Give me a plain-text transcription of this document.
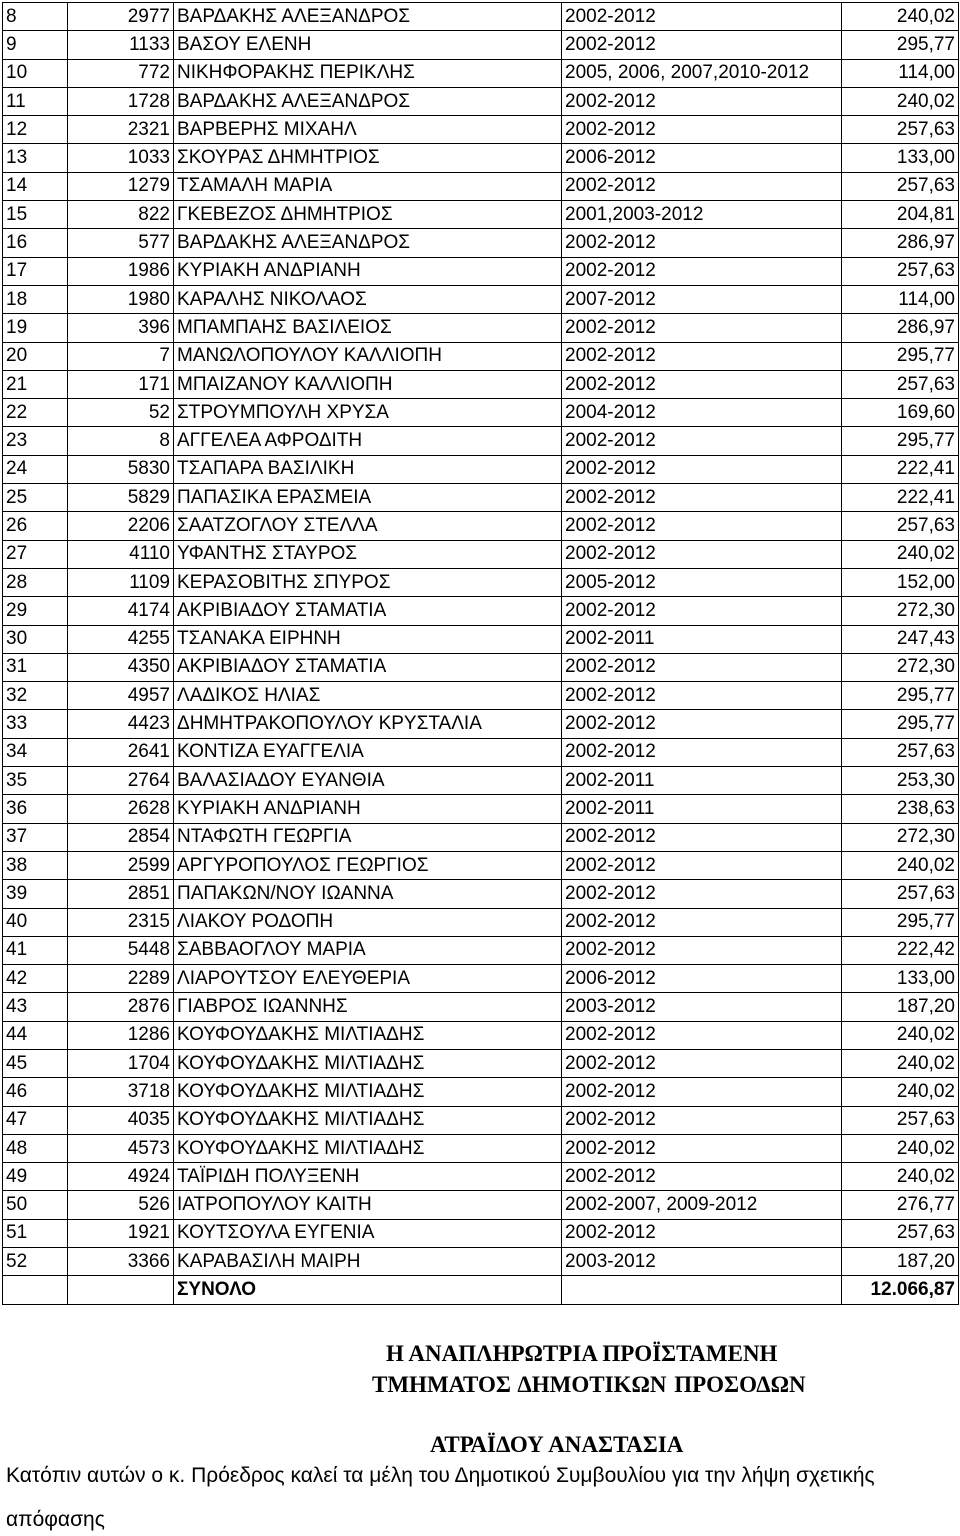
8	2977	ΒΑΡΔΑΚΗΣ ΑΛΕΞΑΝΔΡΟΣ	2002-2012	240,02
9	1133	ΒΑΣΟΥ ΕΛΕΝΗ	2002-2012	295,77
10	772	ΝΙΚΗΦΟΡΑΚΗΣ ΠΕΡΙΚΛΗΣ	2005, 2006, 2007,2010-2012	114,00
11	1728	ΒΑΡΔΑΚΗΣ ΑΛΕΞΑΝΔΡΟΣ	2002-2012	240,02
12	2321	ΒΑΡΒΕΡΗΣ ΜΙΧΑΗΛ	2002-2012	257,63
13	1033	ΣΚΟΥΡΑΣ ΔΗΜΗΤΡΙΟΣ	2006-2012	133,00
14	1279	ΤΣΑΜΑΛΗ ΜΑΡΙΑ	2002-2012	257,63
15	822	ΓΚΕΒΕΖΟΣ ΔΗΜΗΤΡΙΟΣ	2001,2003-2012	204,81
16	577	ΒΑΡΔΑΚΗΣ ΑΛΕΞΑΝΔΡΟΣ	2002-2012	286,97
17	1986	ΚΥΡΙΑΚΗ ΑΝΔΡΙΑΝΗ	2002-2012	257,63
18	1980	ΚΑΡΑΛΗΣ ΝΙΚΟΛΑΟΣ	2007-2012	114,00
19	396	ΜΠΑΜΠΑΗΣ ΒΑΣΙΛΕΙΟΣ	2002-2012	286,97
20	7	ΜΑΝΩΛΟΠΟΥΛΟΥ ΚΑΛΛΙΟΠΗ	2002-2012	295,77
21	171	ΜΠΑΙΖΑΝΟΥ ΚΑΛΛΙΟΠΗ	2002-2012	257,63
22	52	ΣΤΡΟΥΜΠΟΥΛΗ ΧΡΥΣΑ	2004-2012	169,60
23	8	ΑΓΓΕΛΕΑ ΑΦΡΟΔΙΤΗ	2002-2012	295,77
24	5830	ΤΣΑΠΑΡΑ ΒΑΣΙΛΙΚΗ	2002-2012	222,41
25	5829	ΠΑΠΑΣΙΚΑ ΕΡΑΣΜΕΙΑ	2002-2012	222,41
26	2206	ΣΑΑΤΖΟΓΛΟΥ ΣΤΕΛΛΑ	2002-2012	257,63
27	4110	ΥΦΑΝΤΗΣ ΣΤΑΥΡΟΣ	2002-2012	240,02
28	1109	ΚΕΡΑΣΟΒΙΤΗΣ ΣΠΥΡΟΣ	2005-2012	152,00
29	4174	ΑΚΡΙΒΙΑΔΟΥ ΣΤΑΜΑΤΙΑ	2002-2012	272,30
30	4255	ΤΣΑΝΑΚΑ ΕΙΡΗΝΗ	2002-2011	247,43
31	4350	ΑΚΡΙΒΙΑΔΟΥ ΣΤΑΜΑΤΙΑ	2002-2012	272,30
32	4957	ΛΑΔΙΚΟΣ ΗΛΙΑΣ	2002-2012	295,77
33	4423	ΔΗΜΗΤΡΑΚΟΠΟΥΛΟΥ ΚΡΥΣΤΑΛΙΑ	2002-2012	295,77
34	2641	ΚΟΝΤΙΖΑ ΕΥΑΓΓΕΛΙΑ	2002-2012	257,63
35	2764	ΒΑΛΑΣΙΑΔΟΥ ΕΥΑΝΘΙΑ	2002-2011	253,30
36	2628	ΚΥΡΙΑΚΗ ΑΝΔΡΙΑΝΗ	2002-2011	238,63
37	2854	ΝΤΑΦΩΤΗ ΓΕΩΡΓΙΑ	2002-2012	272,30
38	2599	ΑΡΓΥΡΟΠΟΥΛΟΣ ΓΕΩΡΓΙΟΣ	2002-2012	240,02
39	2851	ΠΑΠΑΚΩΝ/ΝΟΥ ΙΩΑΝΝΑ	2002-2012	257,63
40	2315	ΛΙΑΚΟΥ ΡΟΔΟΠΗ	2002-2012	295,77
41	5448	ΣΑΒΒΑΟΓΛΟΥ ΜΑΡΙΑ	2002-2012	222,42
42	2289	ΛΙΑΡΟΥΤΣΟΥ ΕΛΕΥΘΕΡΙΑ	2006-2012	133,00
43	2876	ΓΙΑΒΡΟΣ ΙΩΑΝΝΗΣ	2003-2012	187,20
44	1286	ΚΟΥΦΟΥΔΑΚΗΣ ΜΙΛΤΙΑΔΗΣ	2002-2012	240,02
45	1704	ΚΟΥΦΟΥΔΑΚΗΣ ΜΙΛΤΙΑΔΗΣ	2002-2012	240,02
46	3718	ΚΟΥΦΟΥΔΑΚΗΣ ΜΙΛΤΙΑΔΗΣ	2002-2012	240,02
47	4035	ΚΟΥΦΟΥΔΑΚΗΣ ΜΙΛΤΙΑΔΗΣ	2002-2012	257,63
48	4573	ΚΟΥΦΟΥΔΑΚΗΣ ΜΙΛΤΙΑΔΗΣ	2002-2012	240,02
49	4924	ΤΑΪΡΙΔΗ ΠΟΛΥΞΕΝΗ	2002-2012	240,02
50	526	ΙΑΤΡΟΠΟΥΛΟΥ ΚΑΙΤΗ	2002-2007, 2009-2012	276,77
51	1921	ΚΟΥΤΣΟΥΛΑ ΕΥΓΕΝΙΑ	2002-2012	257,63
52	3366	ΚΑΡΑΒΑΣΙΛΗ ΜΑΙΡΗ	2003-2012	187,20
		ΣΥΝΟΛΟ		12.066,87
Η ΑΝΑΠΛΗΡΩΤΡΙΑ ΠΡΟΪΣΤΑΜΕΝΗ
ΤΜΗΜΑΤΟΣ ΔΗΜΟΤΙΚΩΝ ΠΡΟΣΟΔΩΝ
ΑΤΡΑΪΔΟΥ ΑΝΑΣΤΑΣΙΑ
Κατόπιν αυτών ο κ. Πρόεδρος καλεί τα μέλη του Δημοτικού Συμβουλίου για την λήψη σχετικής
απόφασης
